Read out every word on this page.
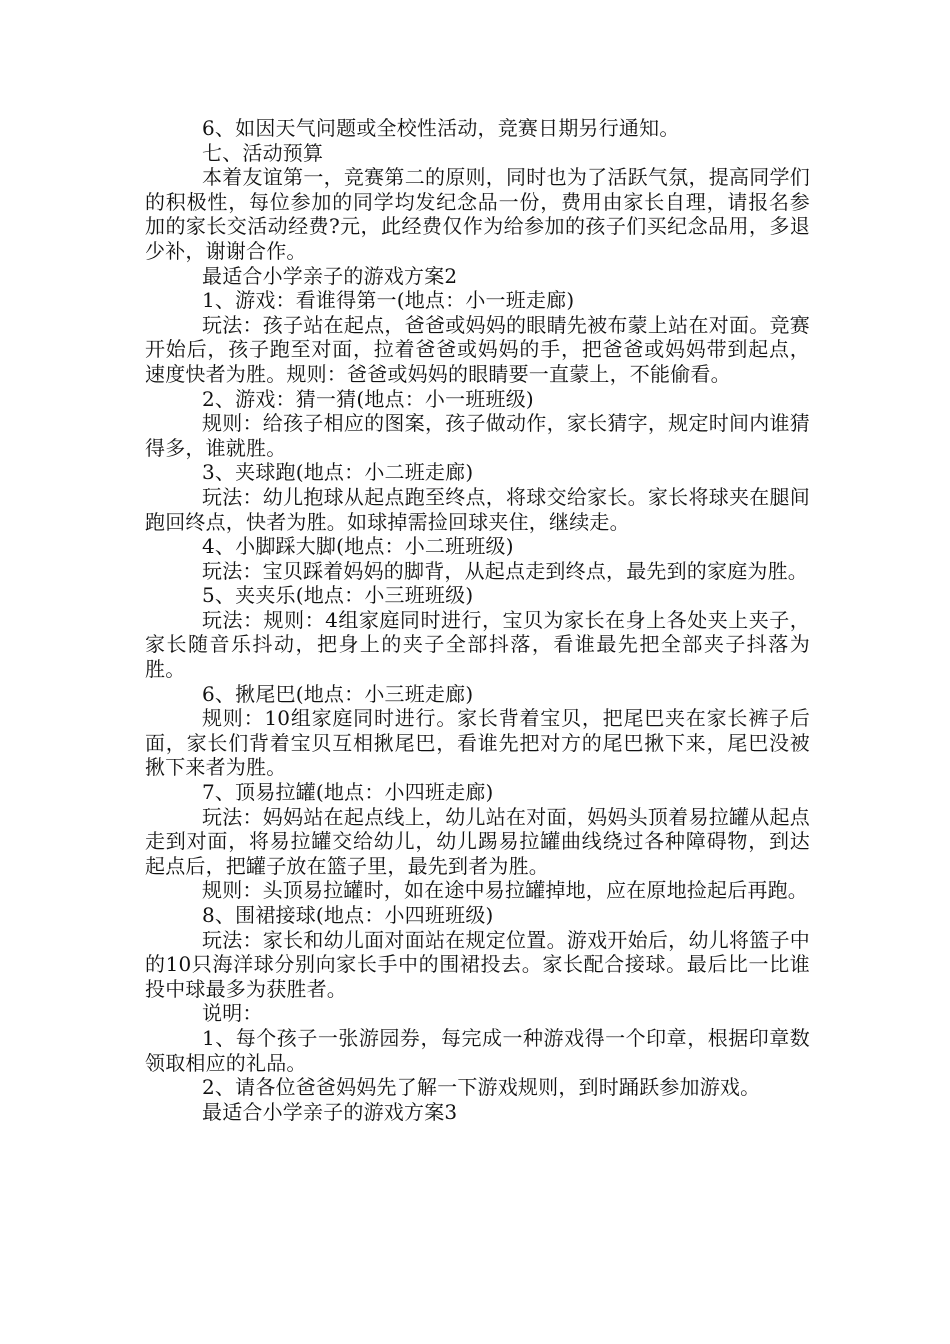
6、如因天气问题或全校性活动，竞赛日期另行通知。

七、活动预算

本着友谊第一，竞赛第二的原则，同时也为了活跃气氛，提高同学们的积极性，每位参加的同学均发纪念品一份，费用由家长自理，请报名参加的家长交活动经费?元，此经费仅作为给参加的孩子们买纪念品用，多退少补，谢谢合作。

最适合小学亲子的游戏方案2

1、游戏：看谁得第一(地点：小一班走廊)

玩法：孩子站在起点，爸爸或妈妈的眼睛先被布蒙上站在对面。竞赛开始后，孩子跑至对面，拉着爸爸或妈妈的手，把爸爸或妈妈带到起点，速度快者为胜。规则：爸爸或妈妈的眼睛要一直蒙上，不能偷看。

2、游戏：猜一猜(地点：小一班班级)

规则：给孩子相应的图案，孩子做动作，家长猜字，规定时间内谁猜得多，谁就胜。

3、夹球跑(地点：小二班走廊)

玩法：幼儿抱球从起点跑至终点，将球交给家长。家长将球夹在腿间跑回终点，快者为胜。如球掉需捡回球夹住，继续走。

4、小脚踩大脚(地点：小二班班级)

玩法：宝贝踩着妈妈的脚背，从起点走到终点，最先到的家庭为胜。

5、夹夹乐(地点：小三班班级)

玩法：规则：4组家庭同时进行，宝贝为家长在身上各处夹上夹子，家长随音乐抖动，把身上的夹子全部抖落，看谁最先把全部夹子抖落为胜。

6、揪尾巴(地点：小三班走廊)

规则：10组家庭同时进行。家长背着宝贝，把尾巴夹在家长裤子后面，家长们背着宝贝互相揪尾巴，看谁先把对方的尾巴揪下来，尾巴没被揪下来者为胜。

7、顶易拉罐(地点：小四班走廊)

玩法：妈妈站在起点线上，幼儿站在对面，妈妈头顶着易拉罐从起点走到对面，将易拉罐交给幼儿，幼儿踢易拉罐曲线绕过各种障碍物，到达起点后，把罐子放在篮子里，最先到者为胜。

规则：头顶易拉罐时，如在途中易拉罐掉地，应在原地捡起后再跑。

8、围裙接球(地点：小四班班级)

玩法：家长和幼儿面对面站在规定位置。游戏开始后，幼儿将篮子中的10只海洋球分别向家长手中的围裙投去。家长配合接球。最后比一比谁投中球最多为获胜者。

说明：

1、每个孩子一张游园券，每完成一种游戏得一个印章，根据印章数领取相应的礼品。

2、请各位爸爸妈妈先了解一下游戏规则，到时踊跃参加游戏。

最适合小学亲子的游戏方案3
